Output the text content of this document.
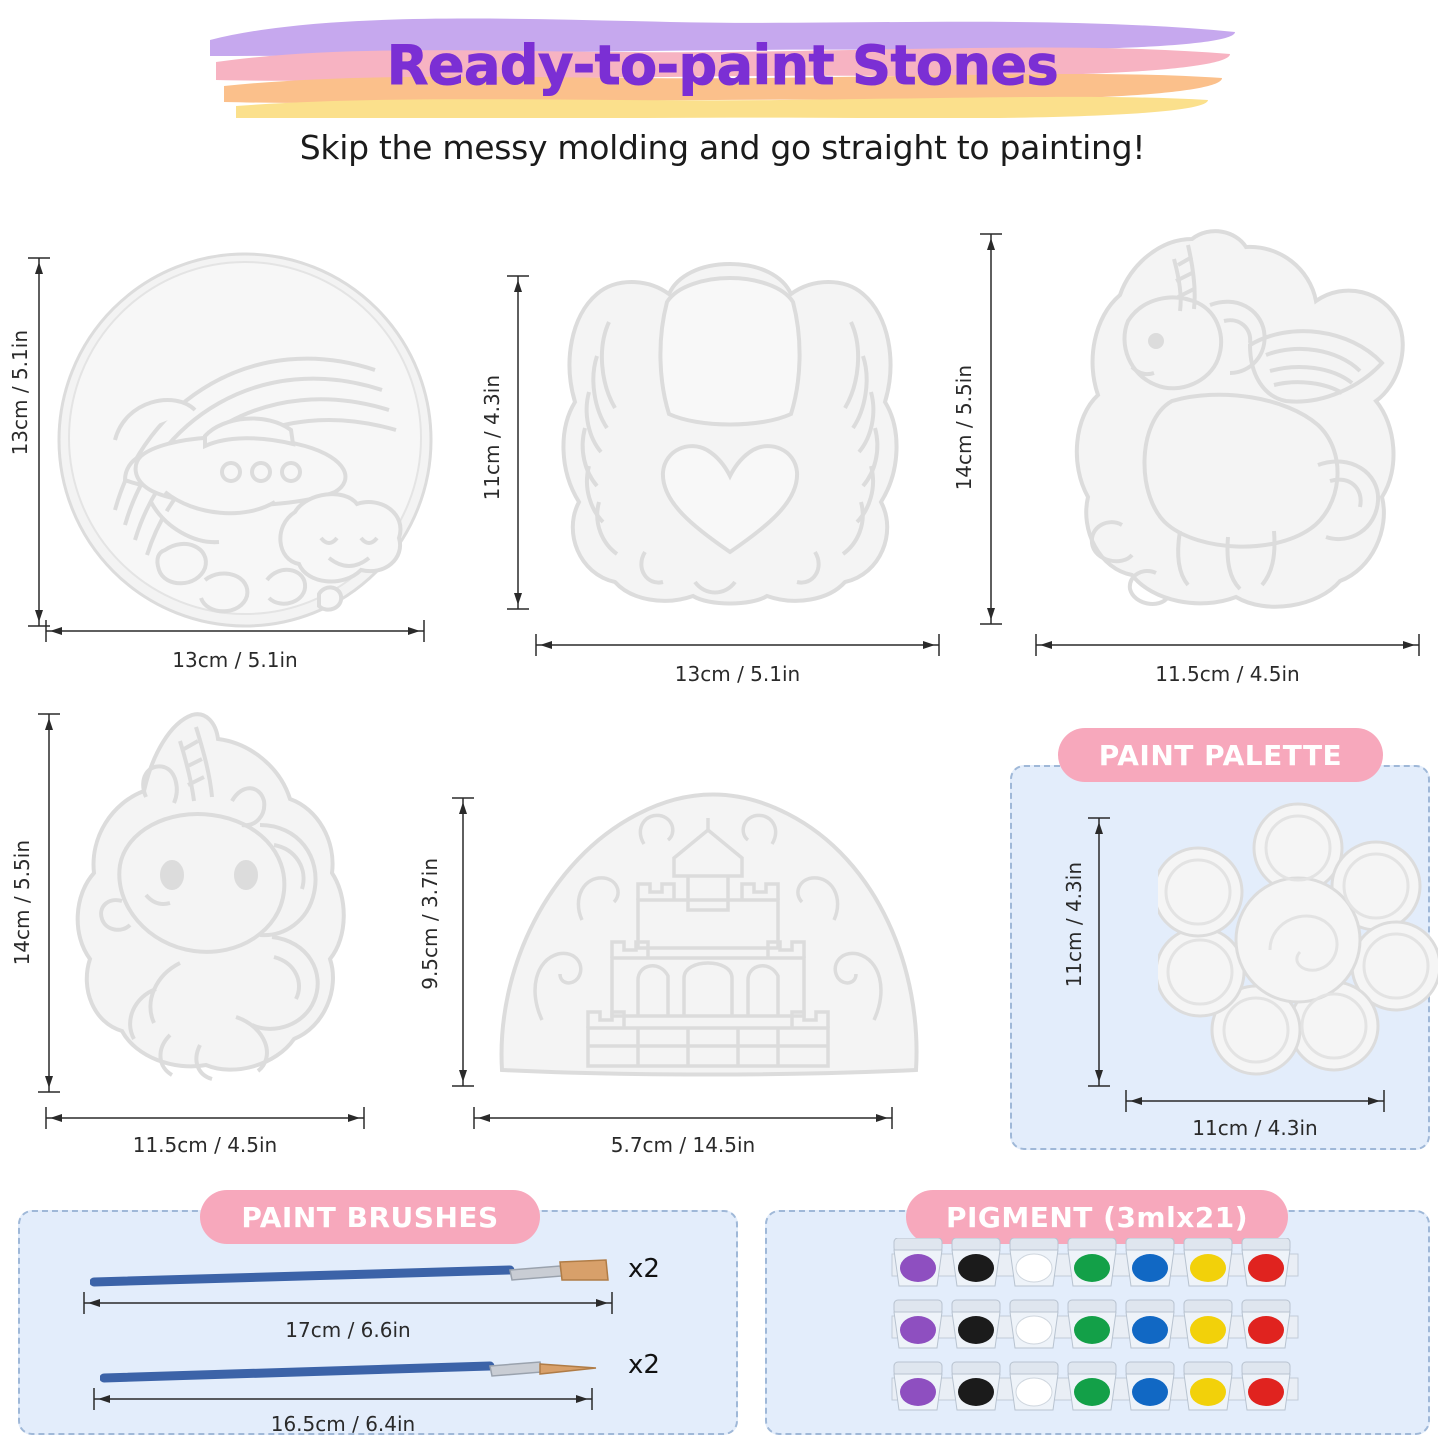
Ready-to-paint Stones
Skip the messy molding and go straight to painting!
13cm / 5.1in
13cm / 5.1in
11cm / 4.3in
13cm / 5.1in
14cm / 5.5in
11.5cm / 4.5in
14cm / 5.5in
11.5cm / 4.5in
9.5cm / 3.7in
5.7cm / 14.5in
PAINT PALETTE
11cm / 4.3in
11cm / 4.3in
PAINT BRUSHES
x2
17cm / 6.6in
x2
16.5cm / 6.4in
PIGMENT (3mlx21)
